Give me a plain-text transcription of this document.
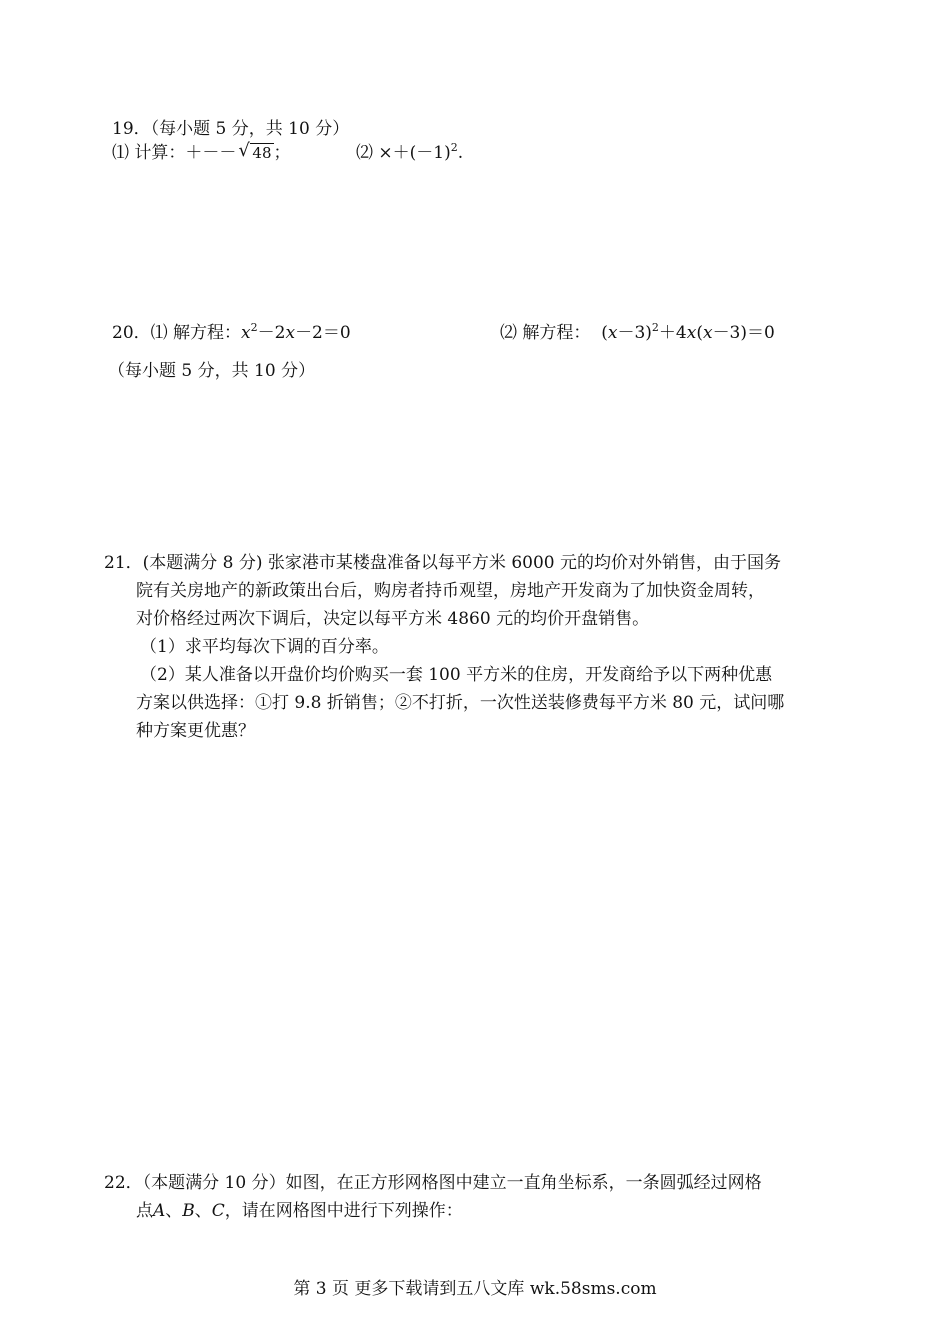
19．（每小题 5 分，共 10 分）
⑴ 计算：＋－－ √ 48 ；	⑵ $\times+(-1)^2$.
20．⑴ 解方程：$x^2-2x-2=0$	⑵ 解方程： $(x-3)^2+4x(x-3)=0$
（每小题 5 分，共 10 分）
21．(本题满分 8 分) 张家港市某楼盘准备以每平方米 6000 元的均价对外销售，由于国务
院有关房地产的新政策出台后，购房者持币观望，房地产开发商为了加快资金周转，
对价格经过两次下调后，决定以每平方米 4860 元的均价开盘销售。
（1）求平均每次下调的百分率。
（2）某人准备以开盘价均价购买一套 100 平方米的住房，开发商给予以下两种优惠
方案以供选择：①打 9.8 折销售；②不打折，一次性送装修费每平方米 80 元，试问哪
种方案更优惠？
22．（本题满分 10 分）如图，在正方形网格图中建立一直角坐标系，一条圆弧经过网格
点A、B、C，请在网格图中进行下列操作：
第 3 页 更多下载请到五八文库 wk.58sms.com
